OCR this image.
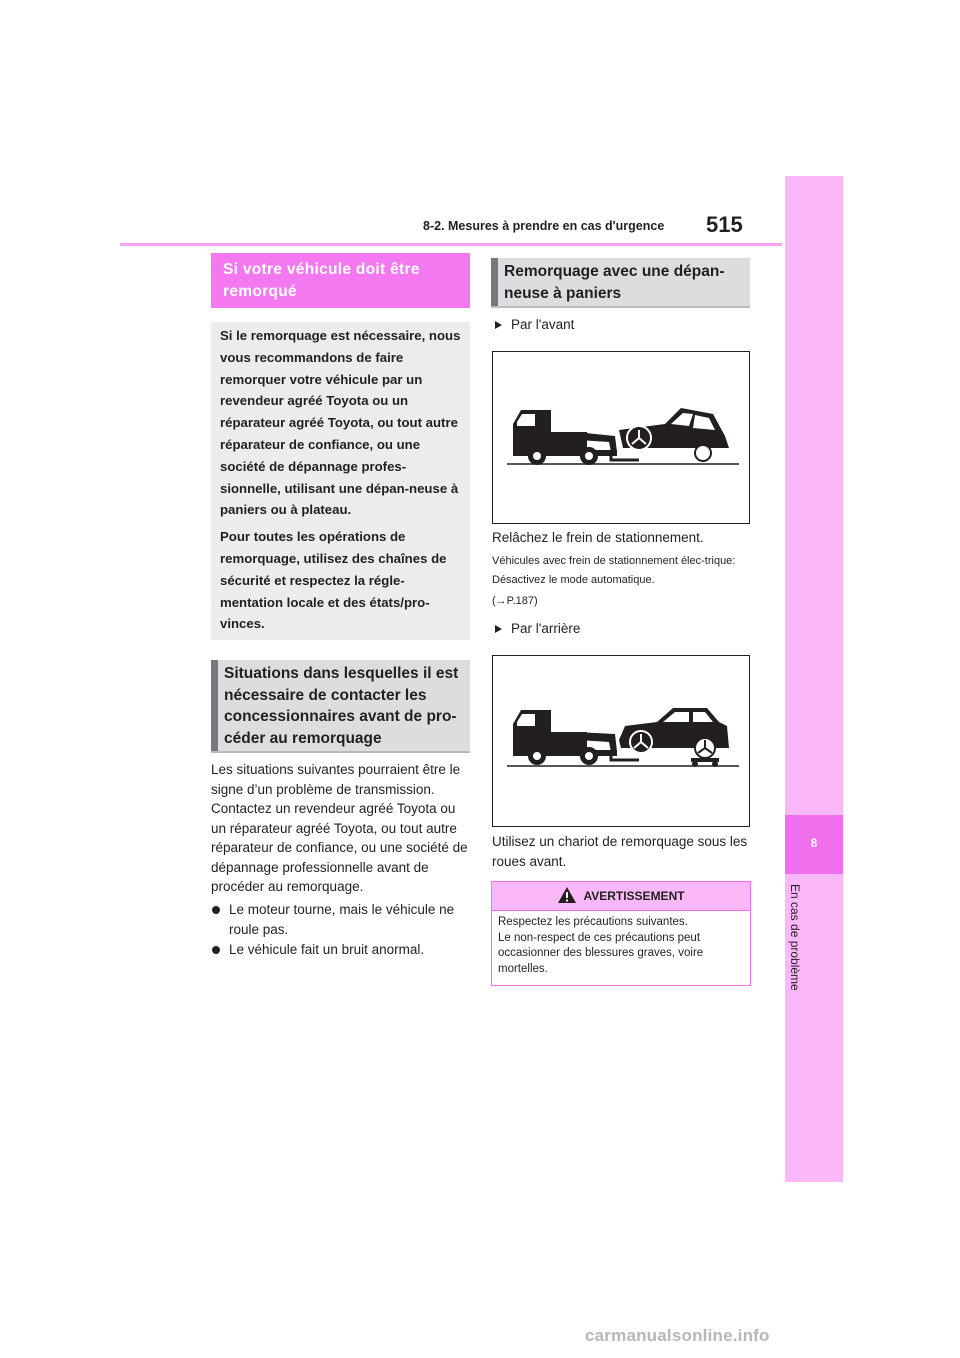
8-2. Mesures à prendre en cas d'urgence 515
8
En cas de problème
Si votre véhicule doit être remorqué

Si le remorquage est nécessaire, nous vous recommandons de faire remorquer votre véhicule par un revendeur agréé Toyota ou un réparateur agréé Toyota, ou tout autre réparateur de confiance, ou une société de dépannage profes-sionnelle, utilisant une dépan-neuse à paniers ou à plateau.

Pour toutes les opérations de remorquage, utilisez des chaînes de sécurité et respectez la régle-mentation locale et des états/pro-vinces.

Situations dans lesquelles il est nécessaire de contacter les concessionnaires avant de pro-céder au remorquage
Les situations suivantes pourraient être le signe d’un problème de transmission. Contactez un revendeur agréé Toyota ou un réparateur agréé Toyota, ou tout autre réparateur de confiance, ou une société de dépannage professionnelle avant de procéder au remorquage.
Le moteur tourne, mais le véhicule ne roule pas.
Le véhicule fait un bruit anormal.
Remorquage avec une dépan-neuse à paniers
Par l'avant
Relâchez le frein de stationnement.
Véhicules avec frein de stationnement élec-trique: Désactivez le mode automatique.
(→P.187)
Par l'arrière
Utilisez un chariot de remorquage sous les roues avant.
AVERTISSEMENT
Respectez les précautions suivantes.
Le non-respect de ces précautions peut occasionner des blessures graves, voire mortelles.
carmanualsonline.info
